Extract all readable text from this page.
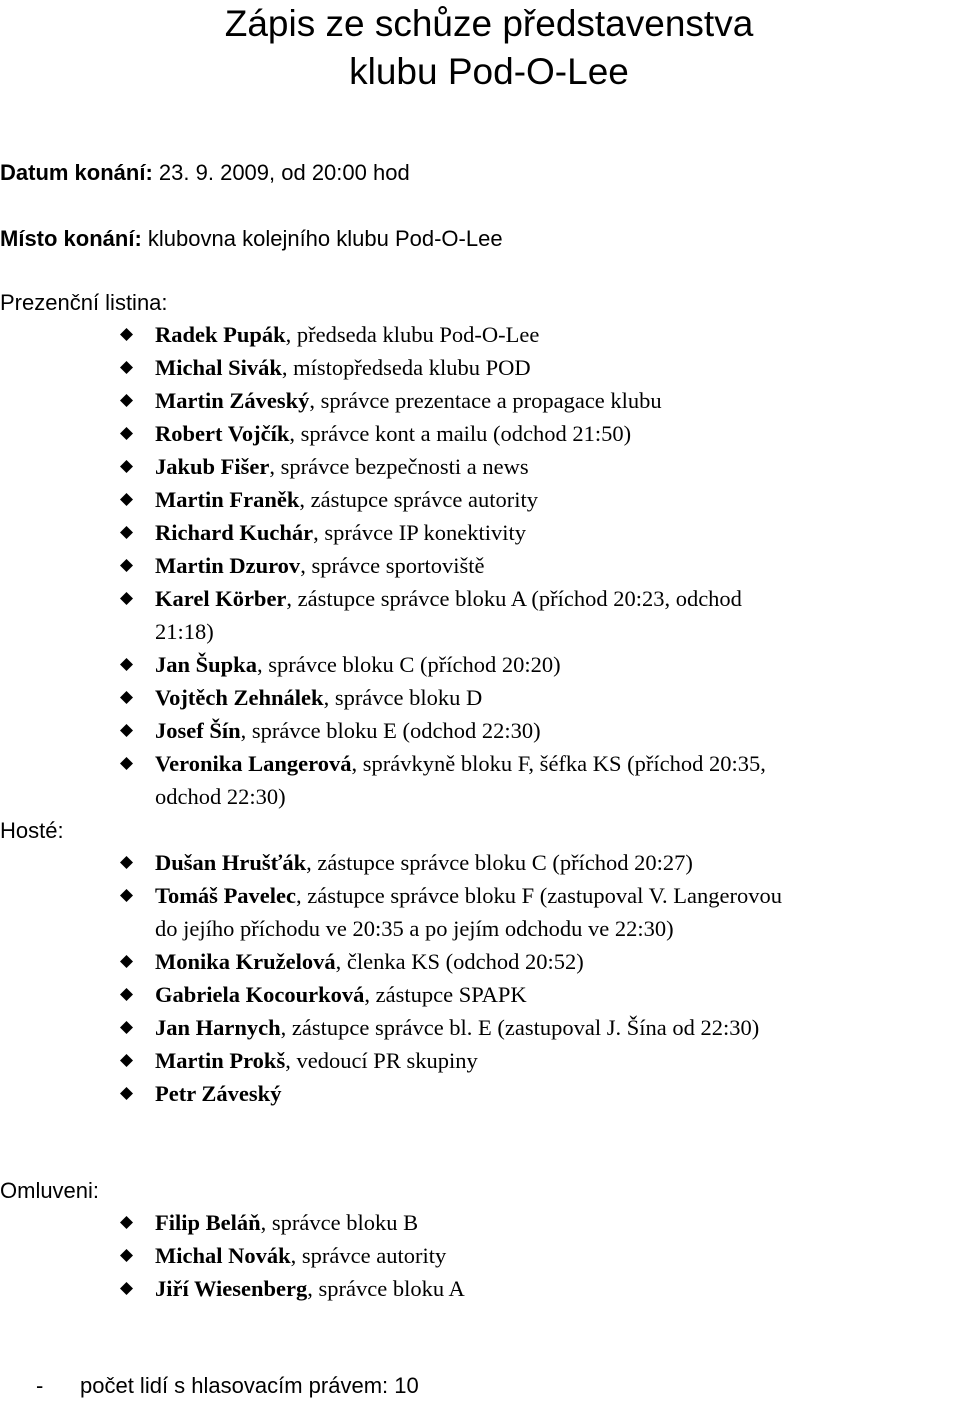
Zápis ze schůze představenstva
klubu Pod-O-Lee
Datum konání: 23. 9. 2009, od 20:00 hod
Místo konání: klubovna kolejního klubu Pod-O-Lee
Prezenční listina:
Radek Pupák, předseda klubu Pod-O-Lee
Michal Sivák, místopředseda klubu POD
Martin Záveský, správce prezentace a propagace klubu
Robert Vojčík, správce kont a mailu (odchod 21:50)
Jakub Fišer, správce bezpečnosti a news
Martin Franěk, zástupce správce autority
Richard Kuchár, správce IP konektivity
Martin Dzurov, správce sportoviště
Karel Körber, zástupce správce bloku A (příchod 20:23, odchod 21:18)
Jan Šupka, správce bloku C (příchod 20:20)
Vojtěch Zehnálek, správce bloku D
Josef Šín, správce bloku E (odchod 22:30)
Veronika Langerová, správkyně bloku F, šéfka KS (příchod 20:35, odchod 22:30)
Hosté:
Dušan Hrušťák, zástupce správce bloku C (příchod 20:27)
Tomáš Pavelec, zástupce správce bloku F (zastupoval V. Langerovou do jejího příchodu ve 20:35 a po jejím odchodu ve 22:30)
Monika Kruželová, členka KS (odchod 20:52)
Gabriela Kocourková, zástupce SPAPK
Jan Harnych, zástupce správce bl. E (zastupoval J. Šína od 22:30)
Martin Prokš, vedoucí PR skupiny
Petr Záveský
Omluveni:
Filip Beláň, správce bloku B
Michal Novák, správce autority
Jiří Wiesenberg, správce bloku A
- počet lidí s hlasovacím právem: 10
